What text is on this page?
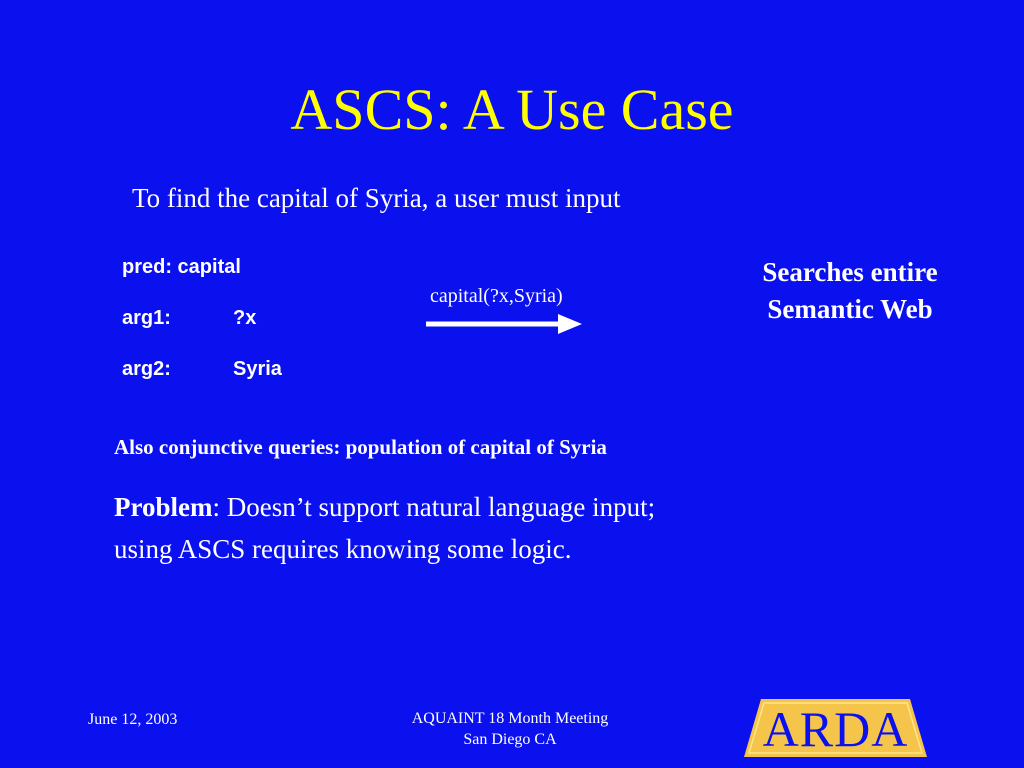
ASCS: A Use Case
To find the capital of Syria, a user must input
pred: capital
arg1:	?x
arg2:	Syria
capital(?x,Syria)
Searches entire
Semantic Web
Also conjunctive queries: population of capital of Syria
Problem: Doesn’t support natural language input;
using ASCS requires knowing some logic.
June 12, 2003	AQUAINT 18 Month Meeting
San Diego CA	ARDA
